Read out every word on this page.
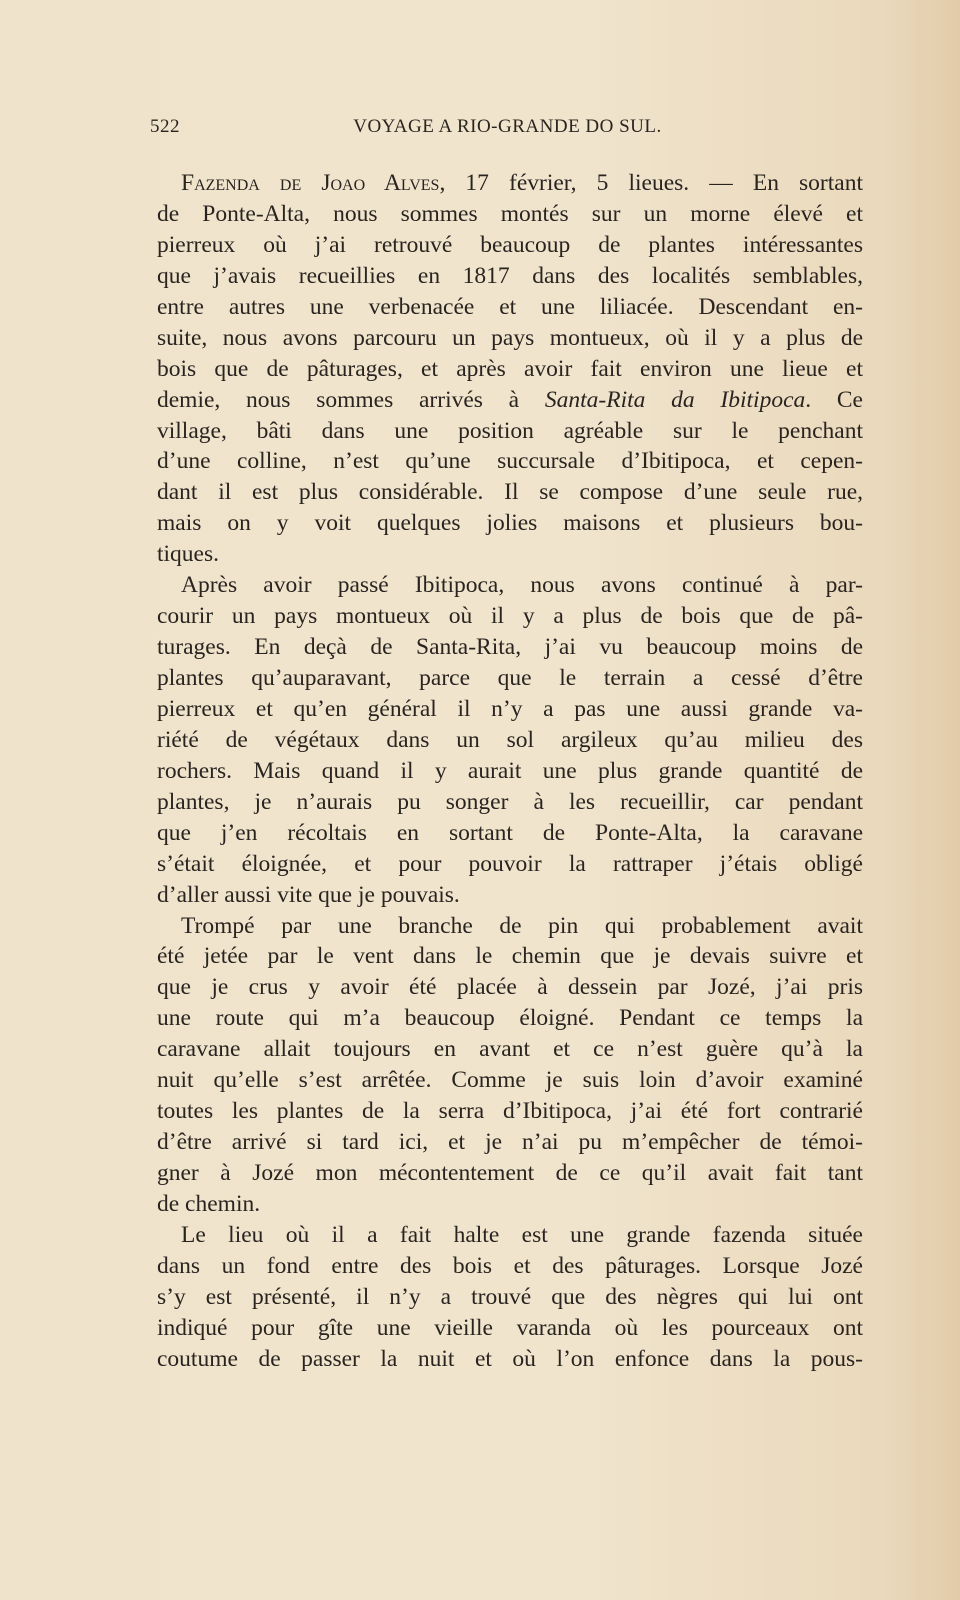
522	VOYAGE A RIO-GRANDE DO SUL.
Fazenda de Joao Alves, 17 février, 5 lieues. — En sortant
de Ponte-Alta, nous sommes montés sur un morne élevé et
pierreux où j’ai retrouvé beaucoup de plantes intéressantes
que j’avais recueillies en 1817 dans des localités semblables,
entre autres une verbenacée et une liliacée. Descendant en-
suite, nous avons parcouru un pays montueux, où il y a plus de
bois que de pâturages, et après avoir fait environ une lieue et
demie, nous sommes arrivés à Santa-Rita da Ibitipoca. Ce
village, bâti dans une position agréable sur le penchant
d’une colline, n’est qu’une succursale d’Ibitipoca, et cepen-
dant il est plus considérable. Il se compose d’une seule rue,
mais on y voit quelques jolies maisons et plusieurs bou-
tiques.
Après avoir passé Ibitipoca, nous avons continué à par-
courir un pays montueux où il y a plus de bois que de pâ-
turages. En deçà de Santa-Rita, j’ai vu beaucoup moins de
plantes qu’auparavant, parce que le terrain a cessé d’être
pierreux et qu’en général il n’y a pas une aussi grande va-
riété de végétaux dans un sol argileux qu’au milieu des
rochers. Mais quand il y aurait une plus grande quantité de
plantes, je n’aurais pu songer à les recueillir, car pendant
que j’en récoltais en sortant de Ponte-Alta, la caravane
s’était éloignée, et pour pouvoir la rattraper j’étais obligé
d’aller aussi vite que je pouvais.
Trompé par une branche de pin qui probablement avait
été jetée par le vent dans le chemin que je devais suivre et
que je crus y avoir été placée à dessein par Jozé, j’ai pris
une route qui m’a beaucoup éloigné. Pendant ce temps la
caravane allait toujours en avant et ce n’est guère qu’à la
nuit qu’elle s’est arrêtée. Comme je suis loin d’avoir examiné
toutes les plantes de la serra d’Ibitipoca, j’ai été fort contrarié
d’être arrivé si tard ici, et je n’ai pu m’empêcher de témoi-
gner à Jozé mon mécontentement de ce qu’il avait fait tant
de chemin.
Le lieu où il a fait halte est une grande fazenda située
dans un fond entre des bois et des pâturages. Lorsque Jozé
s’y est présenté, il n’y a trouvé que des nègres qui lui ont
indiqué pour gîte une vieille varanda où les pourceaux ont
coutume de passer la nuit et où l’on enfonce dans la pous-
